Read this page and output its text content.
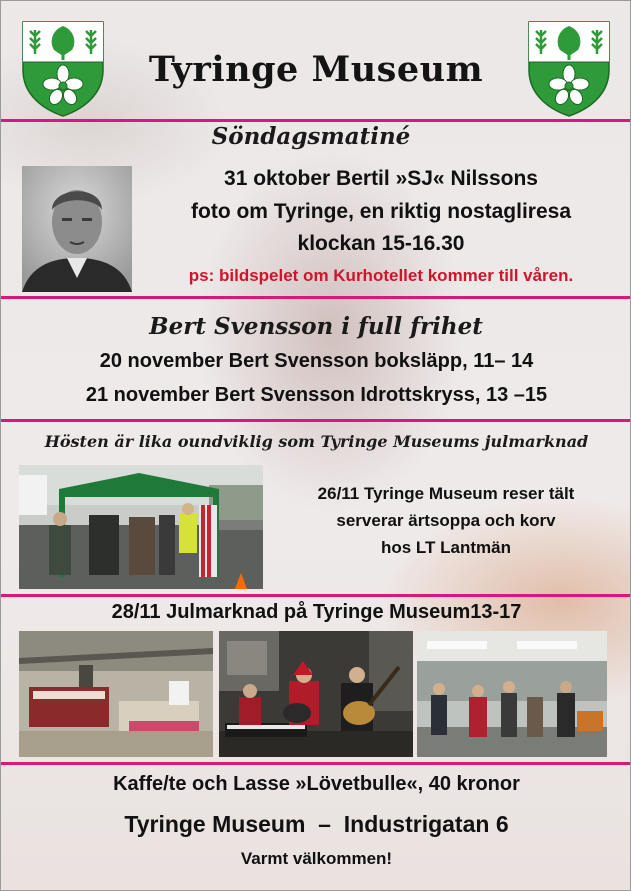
Tyringe Museum
Söndagsmatiné
31 oktober Bertil »SJ« Nilssons
foto om Tyringe, en riktig nostagliresa
klockan 15-16.30
ps: bildspelet om Kurhotellet kommer till våren.
Bert Svensson i full frihet
20 november Bert Svensson boksläpp, 11– 14
21 november Bert Svensson Idrottskryss, 13 –15
Hösten är lika oundviklig som Tyringe Museums julmarknad
26/11 Tyringe Museum reser tält
serverar ärtsoppa och korv
hos LT Lantmän
28/11 Julmarknad på Tyringe Museum13-17
Kaffe/te och Lasse »Lövetbulle«, 40 kronor
Tyringe Museum  –  Industrigatan 6
Varmt välkommen!
